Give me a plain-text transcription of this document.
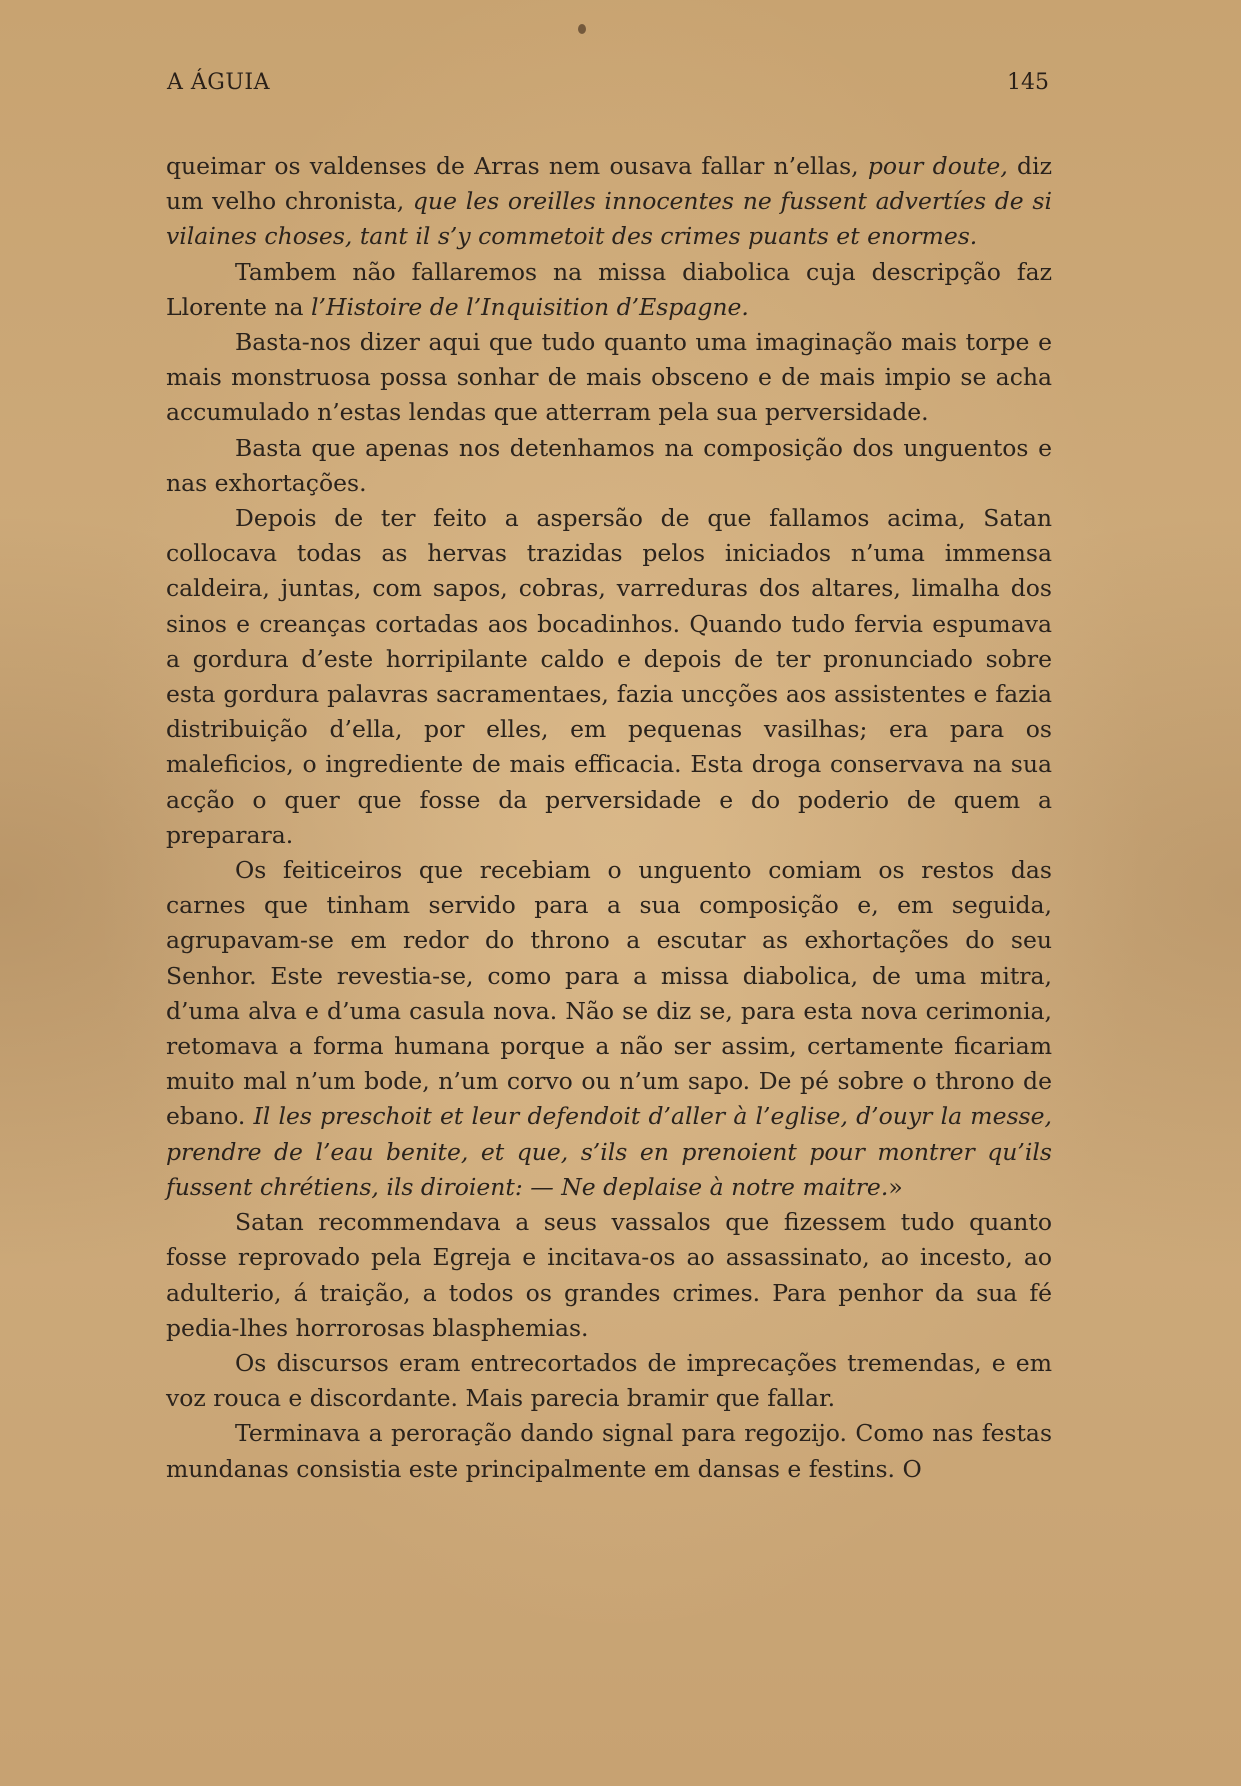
A ÁGUIA	145

queimar os valdenses de Arras nem ousava fallar n’ellas, pour doute, diz um velho chronista, que les oreilles innocentes ne fussent advertíes de si vilaines choses, tant il s’y commetoit des crimes puants et enormes.

Tambem não fallaremos na missa diabolica cuja descripção faz Llorente na l’Histoire de l’Inquisition d’Espagne.

Basta-nos dizer aqui que tudo quanto uma imaginação mais torpe e mais monstruosa possa sonhar de mais obsceno e de mais impio se acha accumulado n’estas lendas que atterram pela sua perversidade.

Basta que apenas nos detenhamos na composição dos unguentos e nas exhortações.

Depois de ter feito a aspersão de que fallamos acima, Satan collocava todas as hervas trazidas pelos iniciados n’uma immensa caldeira, juntas, com sapos, cobras, varreduras dos altares, limalha dos sinos e creanças cortadas aos bocadinhos. Quando tudo fervia espumava a gordura d’este horripilante caldo e depois de ter pronunciado sobre esta gordura palavras sacramentaes, fazia uncções aos assistentes e fazia distribuição d’ella, por elles, em pequenas vasilhas; era para os maleficios, o ingrediente de mais efficacia. Esta droga conservava na sua acção o quer que fosse da perversidade e do poderio de quem a preparara.

Os feiticeiros que recebiam o unguento comiam os restos das carnes que tinham servido para a sua composição e, em seguida, agrupavam-se em redor do throno a escutar as exhortações do seu Senhor. Este revestia-se, como para a missa diabolica, de uma mitra, d’uma alva e d’uma casula nova. Não se diz se, para esta nova cerimonia, retomava a forma humana porque a não ser assim, certamente ficariam muito mal n’um bode, n’um corvo ou n’um sapo. De pé sobre o throno de ebano. Il les preschoit et leur defendoit d’aller à l’eglise, d’ouyr la messe, prendre de l’eau benite, et que, s’ils en prenoient pour montrer qu’ils fussent chrétiens, ils diroient: — Ne deplaise à notre maitre.»

Satan recommendava a seus vassalos que fizessem tudo quanto fosse reprovado pela Egreja e incitava-os ao assassinato, ao incesto, ao adulterio, á traição, a todos os grandes crimes. Para penhor da sua fé pedia-lhes horrorosas blasphemias.

Os discursos eram entrecortados de imprecações tremendas, e em voz rouca e discordante. Mais parecia bramir que fallar.

Terminava a peroração dando signal para regozijo. Como nas festas mundanas consistia este principalmente em dansas e festins. O
